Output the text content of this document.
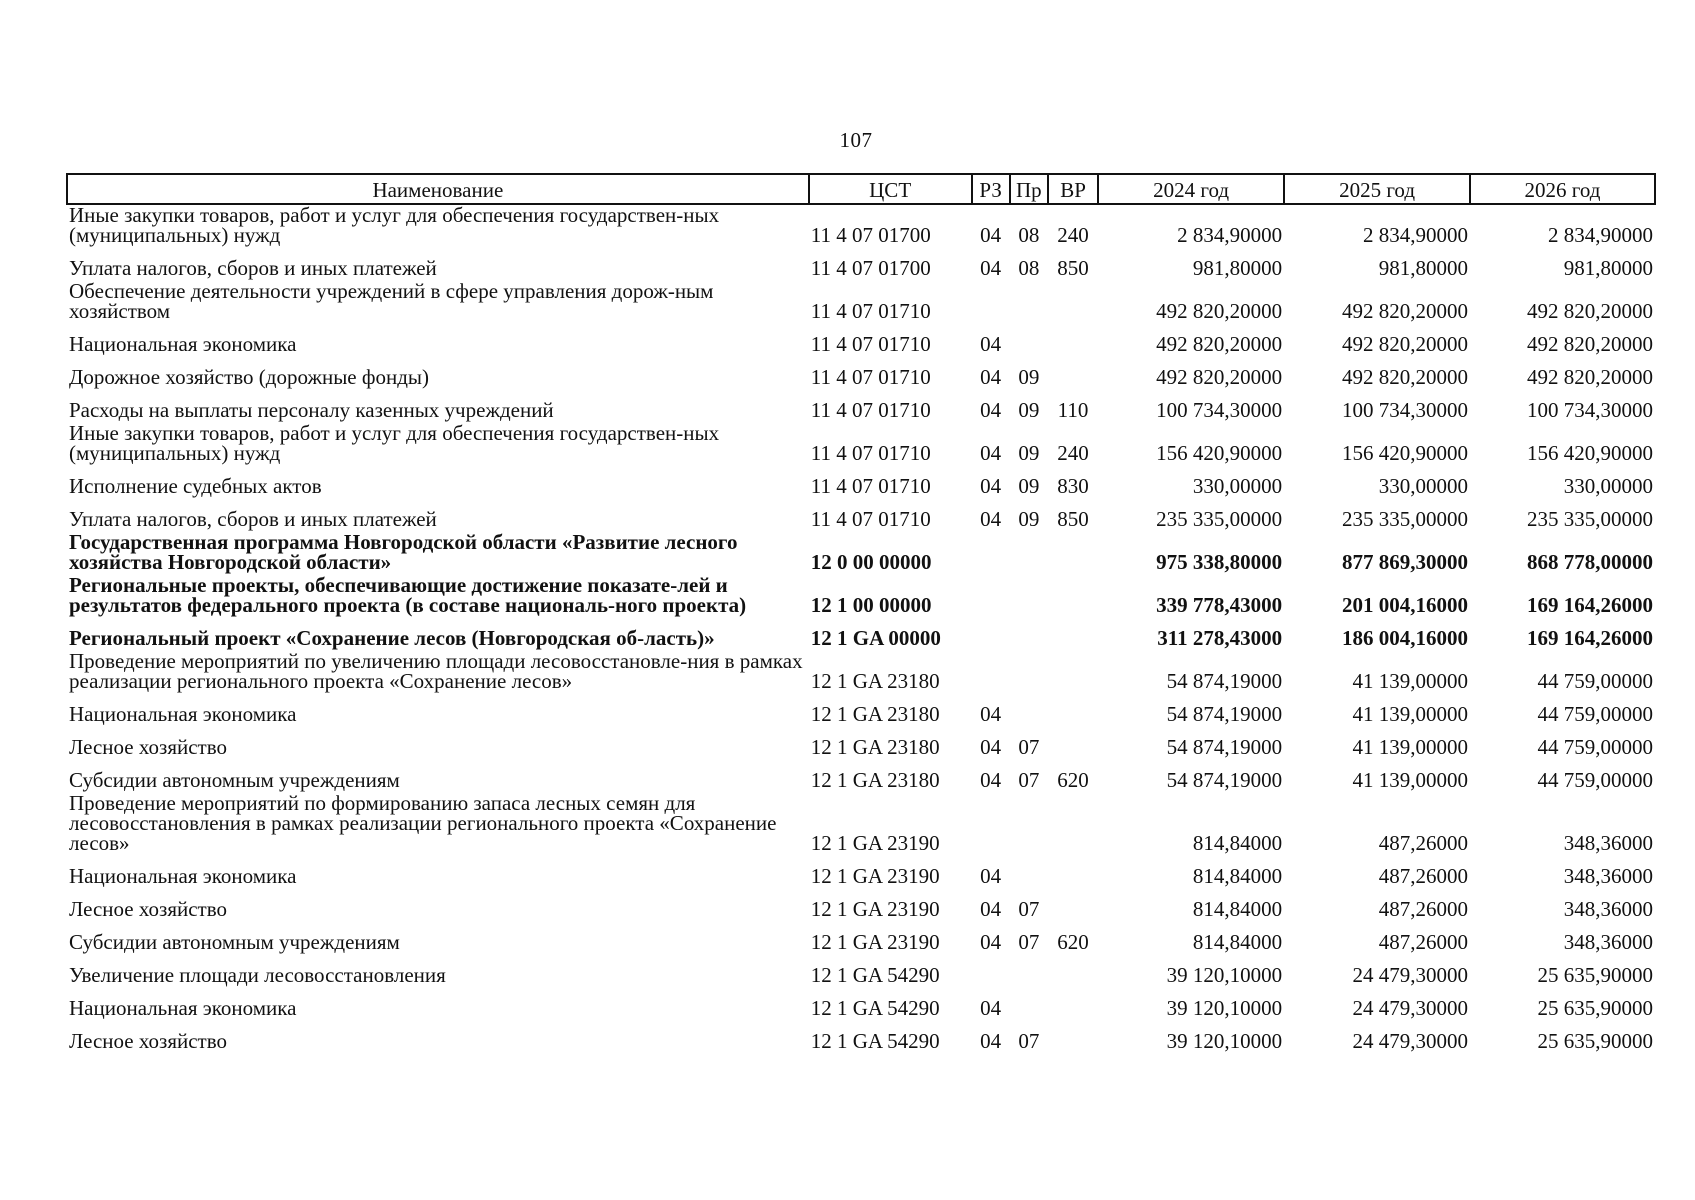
107
Наименование	ЦСТ	РЗ	Пр	ВР	2024 год	2025 год	2026 год
Иные закупки товаров, работ и услуг для обеспечения государствен-ных (муниципальных) нужд	11 4 07 01700	04	08	240	2 834,90000	2 834,90000	2 834,90000
Уплата налогов, сборов и иных платежей	11 4 07 01700	04	08	850	981,80000	981,80000	981,80000
Обеспечение деятельности учреждений в сфере управления дорож-ным хозяйством	11 4 07 01710				492 820,20000	492 820,20000	492 820,20000
Национальная экономика	11 4 07 01710	04			492 820,20000	492 820,20000	492 820,20000
Дорожное хозяйство (дорожные фонды)	11 4 07 01710	04	09		492 820,20000	492 820,20000	492 820,20000
Расходы на выплаты персоналу казенных учреждений	11 4 07 01710	04	09	110	100 734,30000	100 734,30000	100 734,30000
Иные закупки товаров, работ и услуг для обеспечения государствен-ных (муниципальных) нужд	11 4 07 01710	04	09	240	156 420,90000	156 420,90000	156 420,90000
Исполнение судебных актов	11 4 07 01710	04	09	830	330,00000	330,00000	330,00000
Уплата налогов, сборов и иных платежей	11 4 07 01710	04	09	850	235 335,00000	235 335,00000	235 335,00000
Государственная программа Новгородской области «Развитие лесного хозяйства Новгородской области»	12 0 00 00000				975 338,80000	877 869,30000	868 778,00000
Региональные проекты, обеспечивающие достижение показате-лей и результатов федерального проекта (в составе националь-ного проекта)	12 1 00 00000				339 778,43000	201 004,16000	169 164,26000
Региональный проект «Сохранение лесов (Новгородская об-ласть)»	12 1 GA 00000				311 278,43000	186 004,16000	169 164,26000
Проведение мероприятий по увеличению площади лесовосстановле-ния в рамках реализации регионального проекта «Сохранение лесов»	12 1 GA 23180				54 874,19000	41 139,00000	44 759,00000
Национальная экономика	12 1 GA 23180	04			54 874,19000	41 139,00000	44 759,00000
Лесное хозяйство	12 1 GA 23180	04	07		54 874,19000	41 139,00000	44 759,00000
Субсидии автономным учреждениям	12 1 GA 23180	04	07	620	54 874,19000	41 139,00000	44 759,00000
Проведение мероприятий по формированию запаса лесных семян для лесовосстановления в рамках реализации регионального проекта «Сохранение лесов»	12 1 GA 23190				814,84000	487,26000	348,36000
Национальная экономика	12 1 GA 23190	04			814,84000	487,26000	348,36000
Лесное хозяйство	12 1 GA 23190	04	07		814,84000	487,26000	348,36000
Субсидии автономным учреждениям	12 1 GA 23190	04	07	620	814,84000	487,26000	348,36000
Увеличение площади лесовосстановления	12 1 GA 54290				39 120,10000	24 479,30000	25 635,90000
Национальная экономика	12 1 GA 54290	04			39 120,10000	24 479,30000	25 635,90000
Лесное хозяйство	12 1 GA 54290	04	07		39 120,10000	24 479,30000	25 635,90000
